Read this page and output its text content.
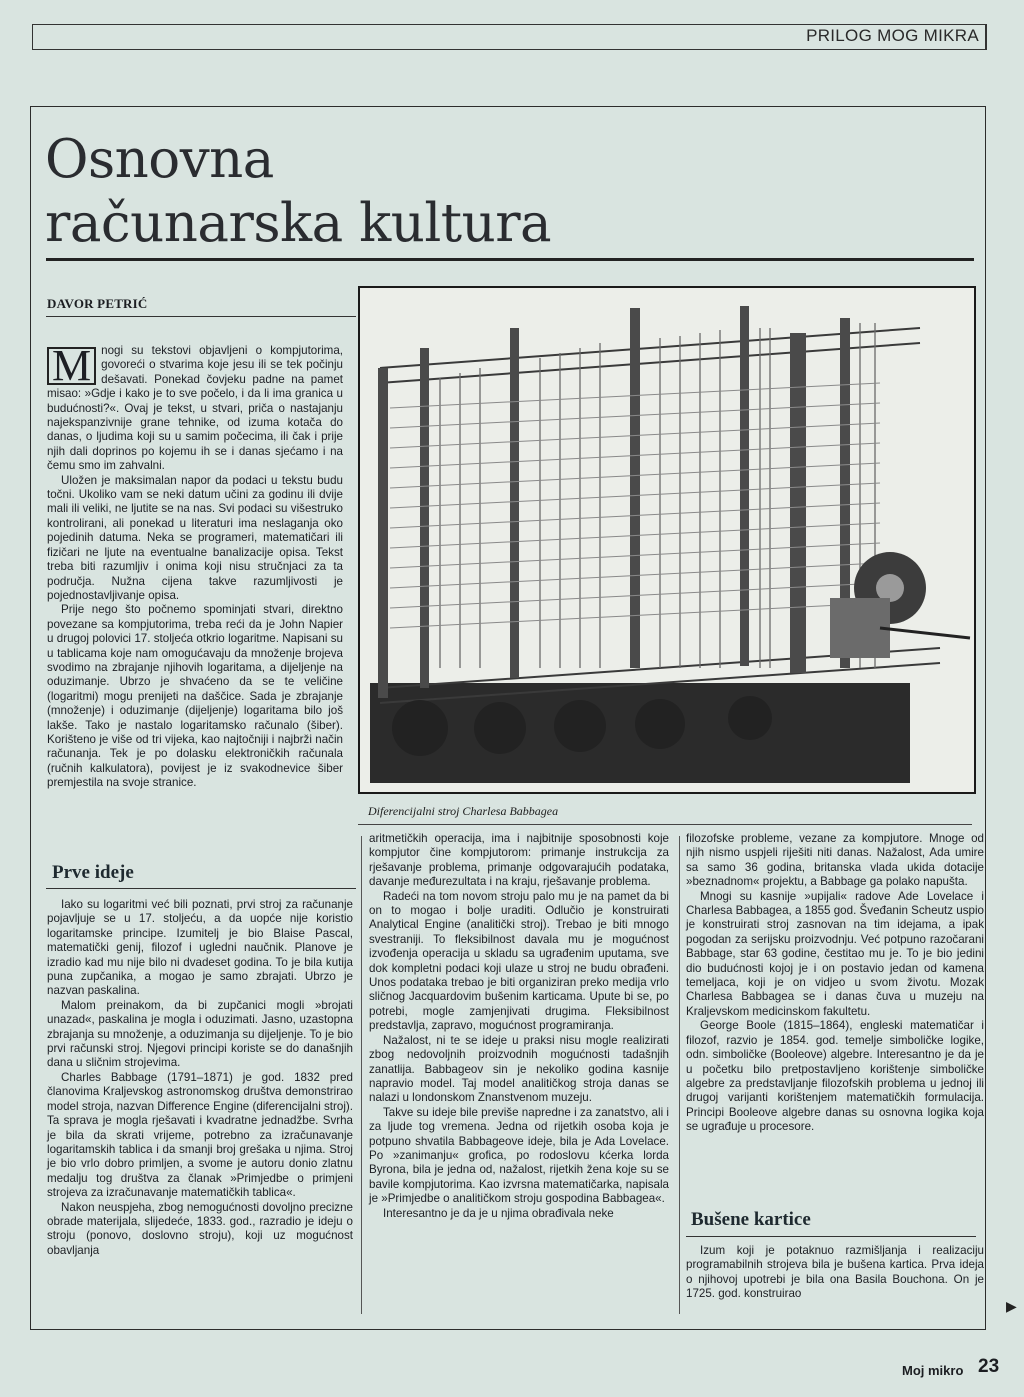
PRILOG MOG MIKRA
Osnovna
računarska kultura
DAVOR PETRIĆ

M nogi su tekstovi objavljeni o kompjutorima, govoreći o stvarima koje jesu ili se tek počinju dešavati. Ponekad čovjeku padne na pamet misao: »Gdje i kako je to sve počelo, i da li ima granica u budućnosti?«. Ovaj je tekst, u stvari, priča o nastajanju najekspanzivnije grane tehnike, od izuma kotača do danas, o ljudima koji su u samim počecima, ili čak i prije njih dali doprinos po kojemu ih se i danas sjećamo i na čemu smo im zahvalni.

Uložen je maksimalan napor da podaci u tekstu budu točni. Ukoliko vam se neki datum učini za godinu ili dvije mali ili veliki, ne ljutite se na nas. Svi podaci su višestruko kontrolirani, ali ponekad u literaturi ima neslaganja oko pojedinih datuma. Neka se programeri, matematičari ili fizičari ne ljute na eventualne banalizacije opisa. Tekst treba biti razumljiv i onima koji nisu stručnjaci za ta područja. Nužna cijena takve razumljivosti je pojednostavljivanje opisa.

Prije nego što počnemo spominjati stvari, direktno povezane sa kompjutorima, treba reći da je John Napier u drugoj polovici 17. stoljeća otkrio logaritme. Napisani su u tablicama koje nam omogućavaju da množenje brojeva svodimo na zbrajanje njihovih logaritama, a dijeljenje na oduzimanje. Ubrzo je shvaćeno da se te veličine (logaritmi) mogu prenijeti na daščice. Sada je zbrajanje (množenje) i oduzimanje (dijeljenje) logaritama bilo još lakše. Tako je nastalo logaritamsko računalo (šiber). Korišteno je više od tri vijeka, kao najtočniji i najbrži način računanja. Tek je po dolasku elektroničkih računala (ručnih kalkulatora), povijest je iz svakodnevice šiber premjestila na svoje stranice.

Prve ideje

Iako su logaritmi već bili poznati, prvi stroj za računanje pojavljuje se u 17. stoljeću, a da uopće nije koristio logaritamske principe. Izumitelj je bio Blaise Pascal, matematički genij, filozof i ugledni naučnik. Planove je izradio kad mu nije bilo ni dvadeset godina. To je bila kutija puna zupčanika, a mogao je samo zbrajati. Ubrzo je nazvan paskalina.

Malom preinakom, da bi zupčanici mogli »brojati unazad«, paskalina je mogla i oduzimati. Jasno, uzastopna zbrajanja su množenje, a oduzimanja su dijeljenje. To je bio prvi računski stroj. Njegovi principi koriste se do današnjih dana u sličnim strojevima.

Charles Babbage (1791–1871) je god. 1832 pred članovima Kraljevskog astronomskog društva demonstrirao model stroja, nazvan Difference Engine (diferencijalni stroj). Ta sprava je mogla rješavati i kvadratne jednadžbe. Svrha je bila da skrati vrijeme, potrebno za izračunavanje logaritamskih tablica i da smanji broj grešaka u njima. Stroj je bio vrlo dobro primljen, a svome je autoru donio zlatnu medalju tog društva za članak »Primjedbe o primjeni strojeva za izračunavanje matematičkih tablica«.

Nakon neuspjeha, zbog nemogućnosti dovoljno precizne obrade materijala, slijedeće, 1833. god., razradio je ideju o stroju (ponovo, doslovno stroju), koji uz mogućnost obavljanja

Diferencijalni stroj Charlesa Babbagea

aritmetičkih operacija, ima i najbitnije sposobnosti koje kompjutor čine kompjutorom: primanje instrukcija za rješavanje problema, primanje odgovarajućih podataka, davanje međurezultata i na kraju, rješavanje problema.

Radeći na tom novom stroju palo mu je na pamet da bi on to mogao i bolje uraditi. Odlučio je konstruirati Analytical Engine (analitički stroj). Trebao je biti mnogo svestraniji. To fleksibilnost davala mu je mogućnost izvođenja operacija u skladu sa ugrađenim uputama, sve dok kompletni podaci koji ulaze u stroj ne budu obrađeni. Unos podataka trebao je biti organiziran preko medija vrlo sličnog Jacquardovim bušenim karticama. Upute bi se, po potrebi, mogle zamjenjivati drugima. Fleksibilnost predstavlja, zapravo, mogućnost programiranja.

Nažalost, ni te se ideje u praksi nisu mogle realizirati zbog nedovoljnih proizvodnih mogućnosti tadašnjih zanatlija. Babbageov sin je nekoliko godina kasnije napravio model. Taj model analitičkog stroja danas se nalazi u londonskom Znanstvenom muzeju.

Takve su ideje bile previše napredne i za zanatstvo, ali i za ljude tog vremena. Jedna od rijetkih osoba koja je potpuno shvatila Babbageove ideje, bila je Ada Lovelace. Po »zanimanju« grofica, po rodoslovu kćerka lorda Byrona, bila je jedna od, nažalost, rijetkih žena koje su se bavile kompjutorima. Kao izvrsna matematičarka, napisala je »Primjedbe o analitičkom stroju gospodina Babbagea«.

Interesantno je da je u njima obrađivala neke

filozofske probleme, vezane za kompjutore. Mnoge od njih nismo uspjeli riješiti niti danas. Nažalost, Ada umire sa samo 36 godina, britanska vlada ukida dotacije »beznadnom« projektu, a Babbage ga polako napušta.

Mnogi su kasnije »upijali« radove Ade Lovelace i Charlesa Babbagea, a 1855 god. Šveđanin Scheutz uspio je konstruirati stroj zasnovan na tim idejama, a ipak pogodan za serijsku proizvodnju. Već potpuno razočarani Babbage, star 63 godine, čestitao mu je. To je bio jedini dio budućnosti kojoj je i on postavio jedan od kamena temeljaca, koji je on vidjeo u svom životu. Mozak Charlesa Babbagea se i danas čuva u muzeju na Kraljevskom medicinskom fakultetu.

George Boole (1815–1864), engleski matematičar i filozof, razvio je 1854. god. temelje simboličke logike, odn. simboličke (Booleove) algebre. Interesantno je da je u početku bilo pretpostavljeno korištenje simboličke algebre za predstavljanje filozofskih problema u jednoj ili drugoj varijanti korištenjem matematičkih formulacija. Principi Booleove algebre danas su osnovna logika koja se ugrađuje u procesore.

Bušene kartice

Izum koji je potaknuo razmišljanja i realizaciju programabilnih strojeva bila je bušena kartica. Prva ideja o njihovoj upotrebi je bila ona Basila Bouchona. On je 1725. god. konstruirao

▶
Moj mikro 23
